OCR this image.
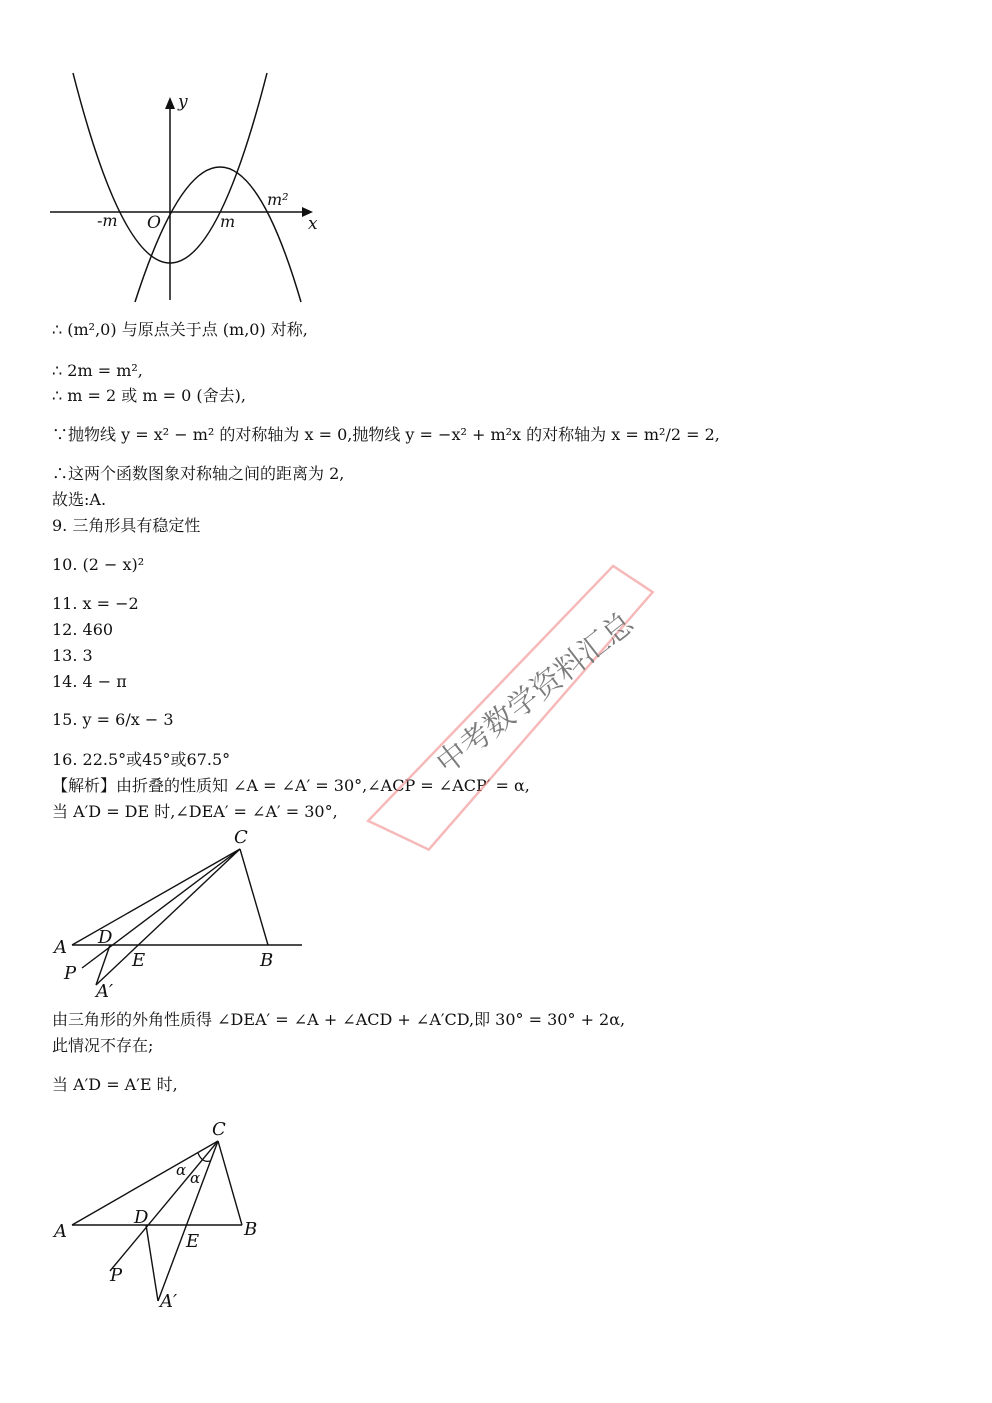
y
x
-m O	m
m²
∴ (m²,0) 与原点关于点 (m,0) 对称,
∴ 2m = m²,
∴ m = 2 或 m = 0 (舍去),
∵抛物线 y = x² − m² 的对称轴为 x = 0,抛物线 y = −x² + m²x 的对称轴为 x = m²/2 = 2,
∴这两个函数图象对称轴之间的距离为 2,
故选:A.
9. 三角形具有稳定性
10. (2 − x)²
11. x = −2
12. 460
13. 3
14. 4 − π
15. y = 6/x − 3
16. 22.5°或45°或67.5°
【解析】由折叠的性质知 ∠A = ∠A′ = 30°,∠ACP = ∠ACP′ = α,
当 A′D = DE 时,∠DEA′ = ∠A′ = 30°,
C
A D
P
E	B
A′
由三角形的外角性质得 ∠DEA′ = ∠A + ∠ACD + ∠A′CD,即 30° = 30° + 2α,
此情况不存在;
当 A′D = A′E 时,
C
α α
A
D
B
E
P
A′
中考数学资料汇总
